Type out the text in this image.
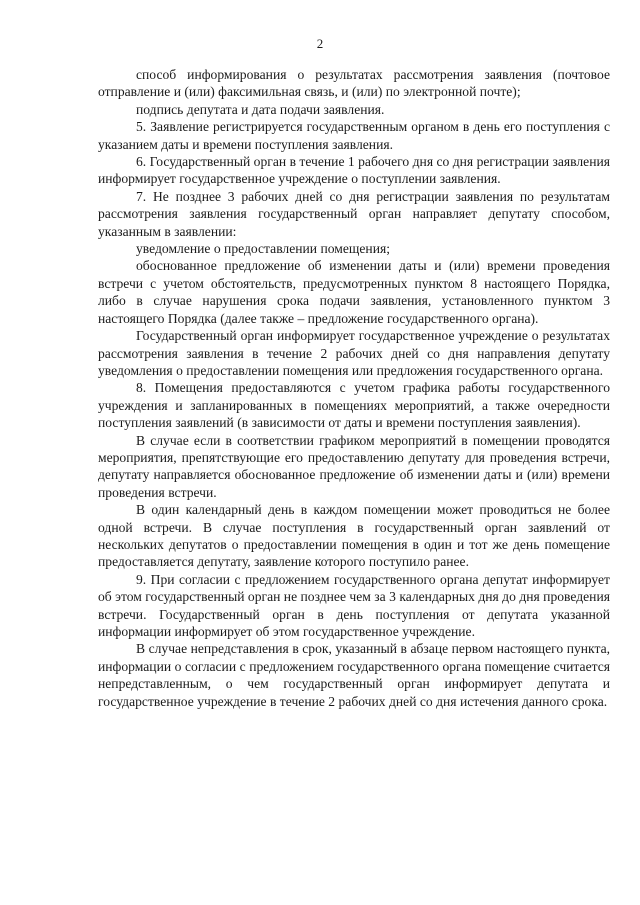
2

способ информирования о результатах рассмотрения заявления (почтовое отправление и (или) факсимильная связь, и (или) по электронной почте);

подпись депутата и дата подачи заявления.

5. Заявление регистрируется государственным органом в день его поступления с указанием даты и времени поступления заявления.

6. Государственный орган в течение 1 рабочего дня со дня регистрации заявления информирует государственное учреждение о поступлении заявления.

7. Не позднее 3 рабочих дней со дня регистрации заявления по результатам рассмотрения заявления государственный орган направляет депутату способом, указанным в заявлении:

уведомление о предоставлении помещения;

обоснованное предложение об изменении даты и (или) времени проведения встречи с учетом обстоятельств, предусмотренных пунктом 8 настоящего Порядка, либо в случае нарушения срока подачи заявления, установленного пунктом 3 настоящего Порядка (далее также – предложение государственного органа).

Государственный орган информирует государственное учреждение о результатах рассмотрения заявления в течение 2 рабочих дней со дня направления депутату уведомления о предоставлении помещения или предложения государственного органа.

8. Помещения предоставляются с учетом графика работы государственного учреждения и запланированных в помещениях мероприятий, а также очередности поступления заявлений (в зависимости от даты и времени поступления заявления).

В случае если в соответствии графиком мероприятий в помещении проводятся мероприятия, препятствующие его предоставлению депутату для проведения встречи, депутату направляется обоснованное предложение об изменении даты и (или) времени проведения встречи.

В один календарный день в каждом помещении может проводиться не более одной встречи. В случае поступления в государственный орган заявлений от нескольких депутатов о предоставлении помещения в один и тот же день помещение предоставляется депутату, заявление которого поступило ранее.

9. При согласии с предложением государственного органа депутат информирует об этом государственный орган не позднее чем за 3 календарных дня до дня проведения встречи. Государственный орган в день поступления от депутата указанной информации информирует об этом государственное учреждение.

В случае непредставления в срок, указанный в абзаце первом настоящего пункта, информации о согласии с предложением государственного органа помещение считается непредставленным, о чем государственный орган информирует депутата и государственное учреждение в течение 2 рабочих дней со дня истечения данного срока.
